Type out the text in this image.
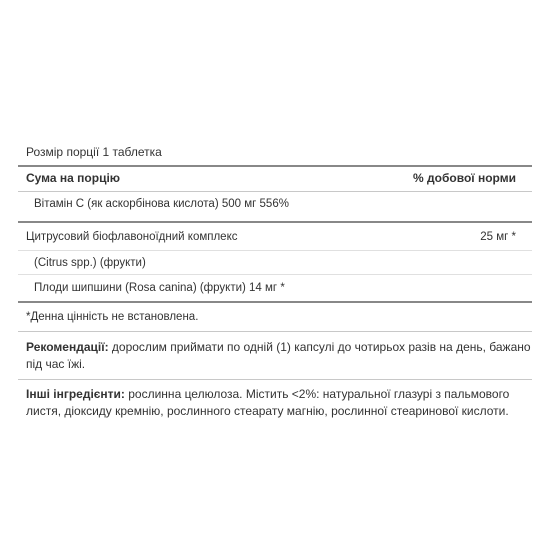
Розмір порції 1 таблетка
Сума на порцію	% добової норми
Вітамін С (як аскорбінова кислота) 500 мг 556%
Цитрусовий біофлавоноїдний комплекс	25 мг *
(Citrus spp.) (фрукти)
Плоди шипшини (Rosa canina) (фрукти) 14 мг *
*Денна цінність не встановлена.
Рекомендації: дорослим приймати по одній (1) капсулі до чотирьох разів на день, бажано під час їжі.
Інші інгредієнти: рослинна целюлоза. Містить <2%: натуральної глазурі з пальмового листя, діоксиду кремнію, рослинного стеарату магнію, рослинної стеаринової кислоти.
